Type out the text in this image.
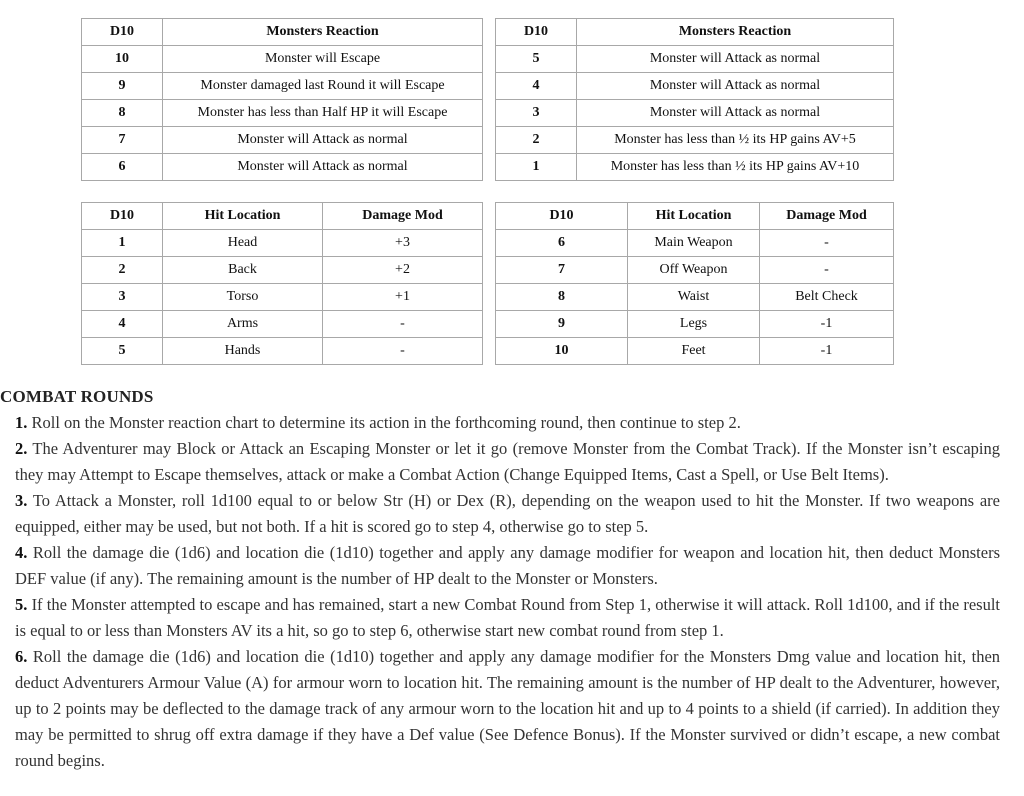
D10	Monsters Reaction
10	Monster will Escape
9	Monster damaged last Round it will Escape
8	Monster has less than Half HP it will Escape
7	Monster will Attack as normal
6	Monster will Attack as normal
D10	Monsters Reaction
5	Monster will Attack as normal
4	Monster will Attack as normal
3	Monster will Attack as normal
2	Monster has less than ½ its HP gains AV+5
1	Monster has less than ½ its HP gains AV+10
D10	Hit Location	Damage Mod
1	Head	+3
2	Back	+2
3	Torso	+1
4	Arms	-
5	Hands	-
D10	Hit Location	Damage Mod
6	Main Weapon	-
7	Off Weapon	-
8	Waist	Belt Check
9	Legs	-1
10	Feet	-1
COMBAT ROUNDS

1. Roll on the Monster reaction chart to determine its action in the forthcoming round, then continue to step 2.

2. The Adventurer may Block or Attack an Escaping Monster or let it go (remove Monster from the Combat Track). If the Monster isn’t escaping they may Attempt to Escape themselves, attack or make a Combat Action (Change Equipped Items, Cast a Spell, or Use Belt Items).

3. To Attack a Monster, roll 1d100 equal to or below Str (H) or Dex (R), depending on the weapon used to hit the Monster. If two weapons are equipped, either may be used, but not both. If a hit is scored go to step 4, otherwise go to step 5.

4. Roll the damage die (1d6) and location die (1d10) together and apply any damage modifier for weapon and location hit, then deduct Monsters DEF value (if any). The remaining amount is the number of HP dealt to the Monster or Monsters.

5. If the Monster attempted to escape and has remained, start a new Combat Round from Step 1, otherwise it will attack. Roll 1d100, and if the result is equal to or less than Monsters AV its a hit, so go to step 6, otherwise start new combat round from step 1.

6. Roll the damage die (1d6) and location die (1d10) together and apply any damage modifier for the Monsters Dmg value and location hit, then deduct Adventurers Armour Value (A) for armour worn to location hit. The remaining amount is the number of HP dealt to the Adventurer, however, up to 2 points may be deflected to the damage track of any armour worn to the location hit and up to 4 points to a shield (if carried). In addition they may be permitted to shrug off extra damage if they have a Def value (See Defence Bonus). If the Monster survived or didn’t escape, a new combat round begins.
